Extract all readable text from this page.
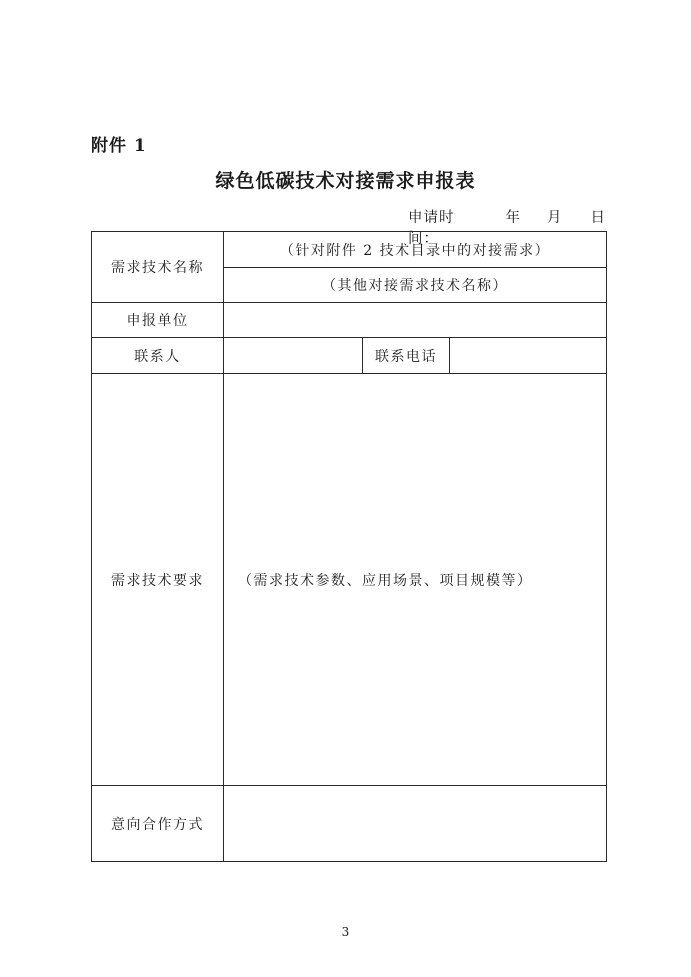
附件 1
绿色低碳技术对接需求申报表
申请时间：
年 月 日
需求技术名称	（针对附件 2 技术目录中的对接需求）		
	（其他对接需求技术名称）		
申报单位			
联系人		联系电话	
需求技术要求	（需求技术参数、应用场景、项目规模等）		
意向合作方式			
3
